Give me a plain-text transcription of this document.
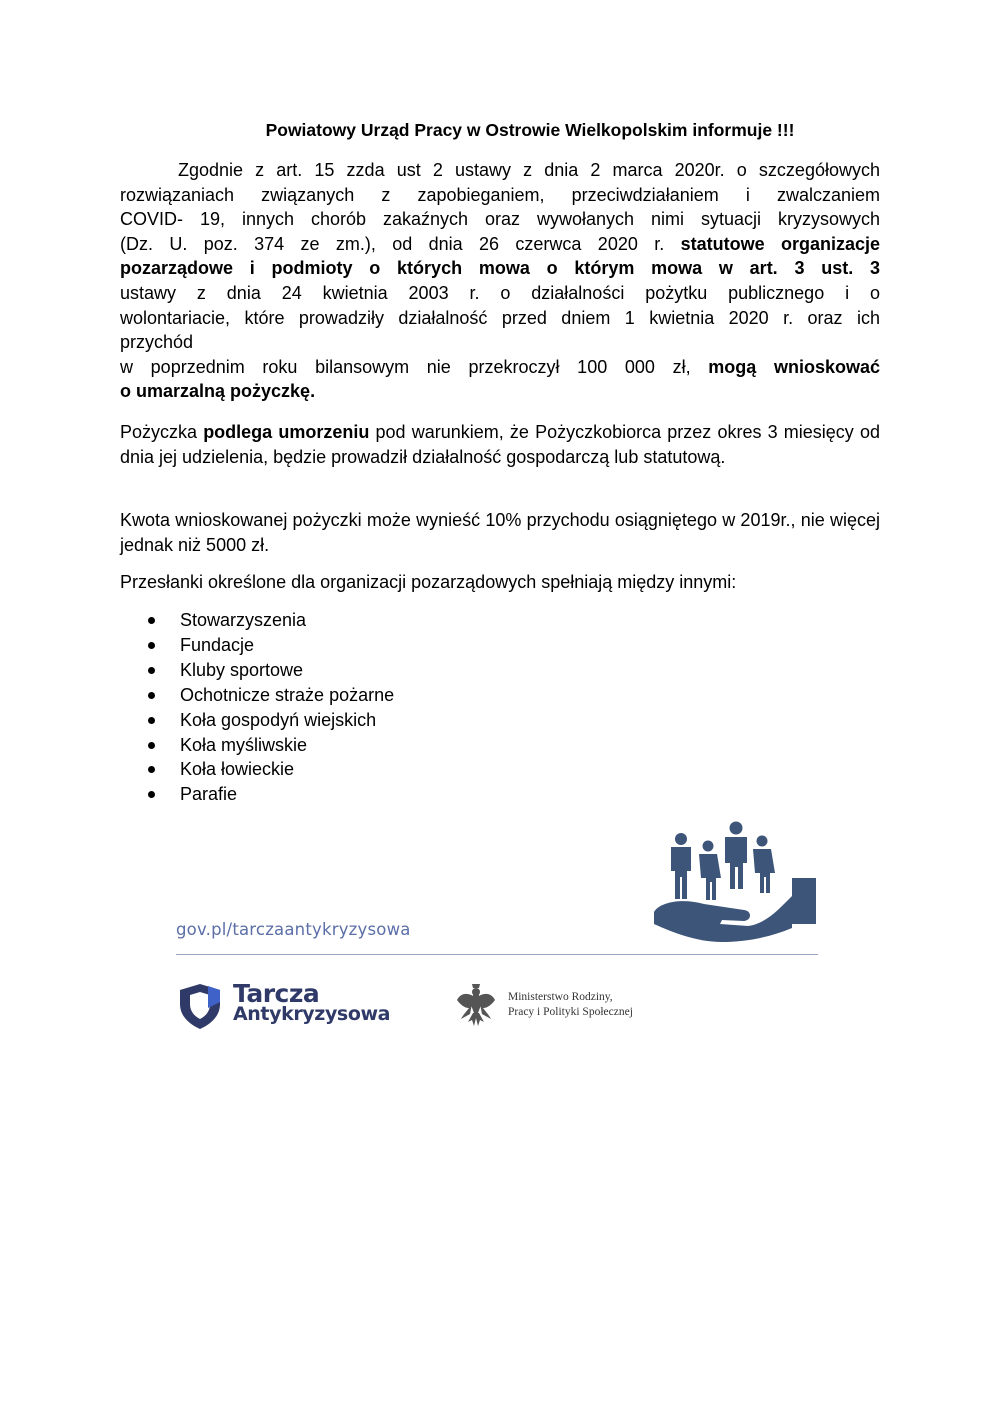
Powiatowy Urząd Pracy w Ostrowie Wielkopolskim informuje !!!
Zgodnie z art. 15 zzda ust 2 ustawy z dnia 2 marca 2020r. o szczegółowych
rozwiązaniach związanych z zapobieganiem, przeciwdziałaniem i zwalczaniem
COVID- 19, innych chorób zakaźnych oraz wywołanych nimi sytuacji kryzysowych
(Dz. U. poz. 374 ze zm.), od dnia 26 czerwca 2020 r. statutowe organizacje
pozarządowe i podmioty o których mowa o którym mowa w art. 3 ust. 3
ustawy z dnia 24 kwietnia 2003 r. o działalności pożytku publicznego i o
wolontariacie, które prowadziły działalność przed dniem 1 kwietnia 2020 r. oraz ich
przychód
w poprzednim roku bilansowym nie przekroczył 100 000 zł, mogą wnioskować
o umarzalną pożyczkę.
Pożyczka podlega umorzeniu pod warunkiem, że Pożyczkobiorca przez okres 3 miesięcy od dnia jej udzielenia, będzie prowadził działalność gospodarczą lub statutową.
Kwota wnioskowanej pożyczki może wynieść 10% przychodu osiągniętego w 2019r., nie więcej jednak niż 5000 zł.
Przesłanki określone dla organizacji pozarządowych spełniają między innymi:
Stowarzyszenia
Fundacje
Kluby sportowe
Ochotnicze straże pożarne
Koła gospodyń wiejskich
Koła myśliwskie
Koła łowieckie
Parafie
gov.pl/tarczaantykryzysowa
Tarcza
Antykryzysowa
Ministerstwo Rodziny,
Pracy i Polityki Społecznej
